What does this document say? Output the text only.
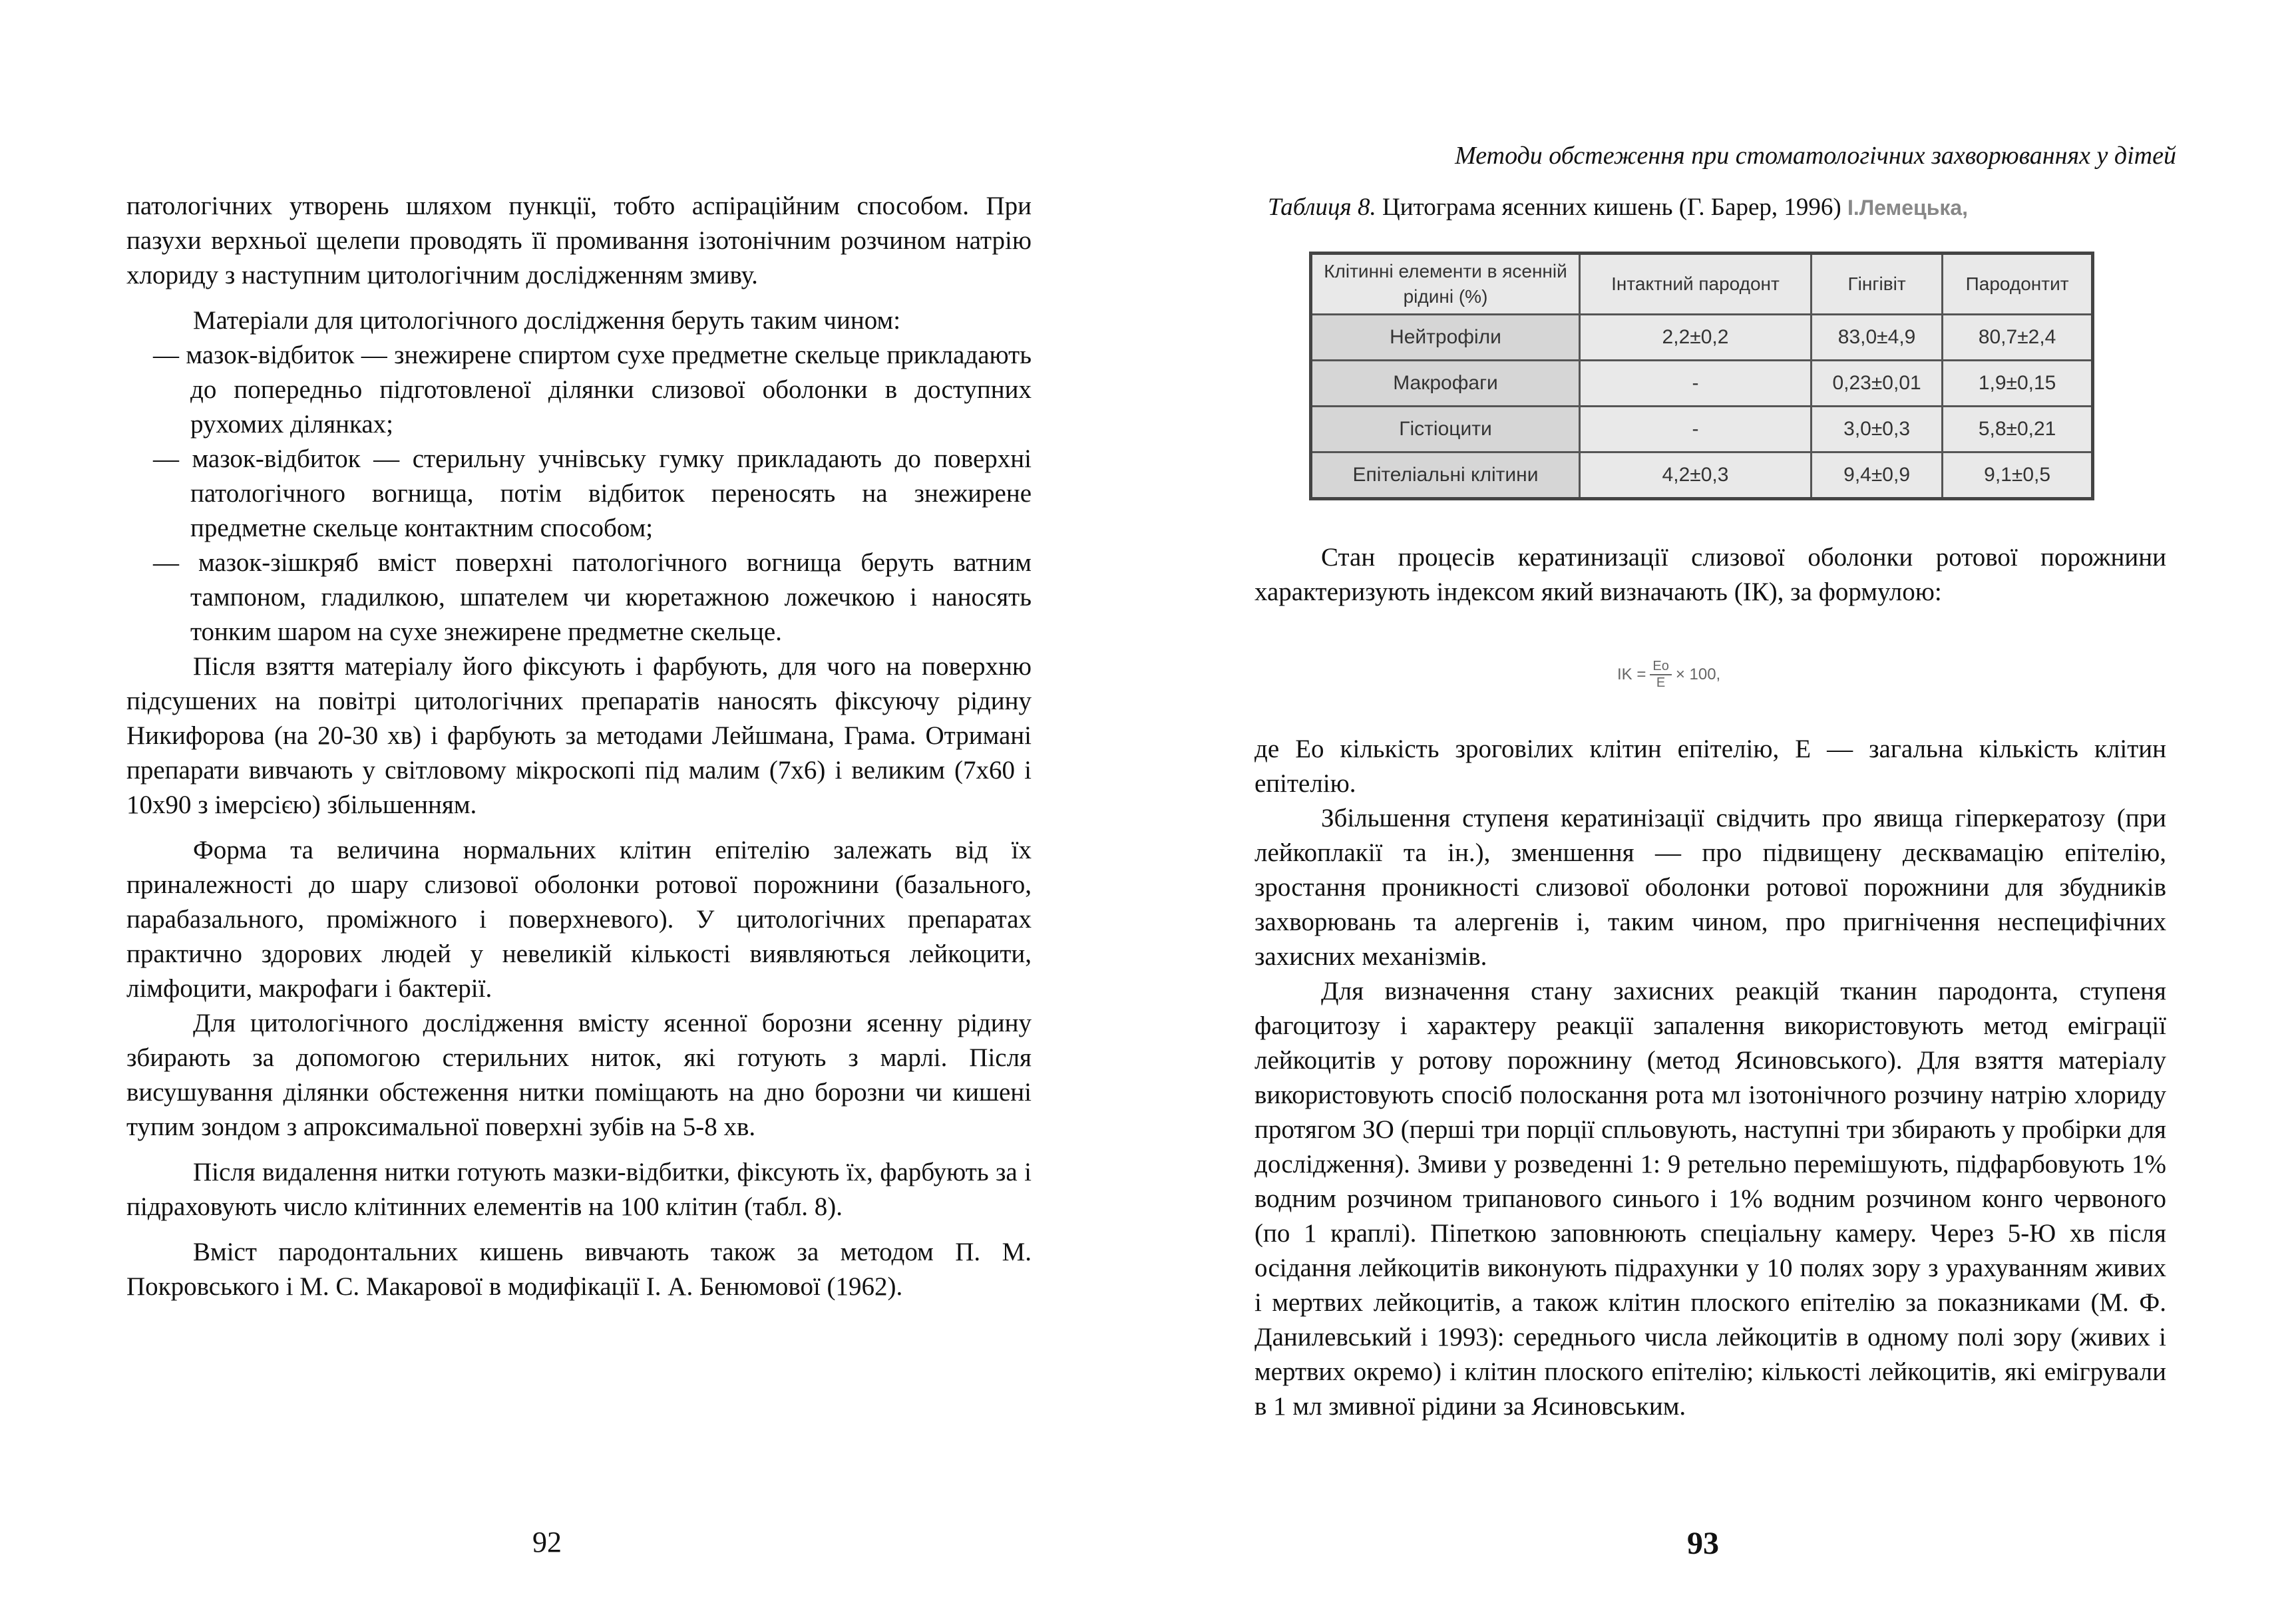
патологічних утворень шляхом пункції, тобто аспіраційним способом. При пазухи верхньої щелепи проводять її промивання ізотонічним розчином натрію хлориду з наступним цитологічним дослідженням змиву.

Матеріали для цитологічного дослідження беруть таким чином:

— мазок-відбиток — знежирене спиртом сухе предметне скельце прикладають до попередньо підготовленої ділянки слизової оболонки в доступних рухомих ділянках;

— мазок-відбиток — стерильну учнівську гумку прикладають до поверхні патологічного вогнища, потім відбиток переносять на знежирене предметне скельце контактним способом;

— мазок-зішкряб вміст поверхні патологічного вогнища беруть ватним тампоном, гладилкою, шпателем чи кюретажною ложечкою і наносять тонким шаром на сухе знежирене предметне скельце.

Після взяття матеріалу його фіксують і фарбують, для чого на поверхню підсушених на повітрі цитологічних препаратів наносять фіксуючу рідину Никифорова (на 20-30 хв) і фарбують за методами Лейшмана, Грама. Отримані препарати вивчають у світловому мікроскопі під малим (7х6) і великим (7х60 і 10х90 з імерсією) збільшенням.

Форма та величина нормальних клітин епітелію залежать від їх приналежності до шару слизової оболонки ротової порожнини (базального, парабазального, проміжного і поверхневого). У цитологічних препаратах практично здорових людей у невеликій кількості виявляються лейкоцити, лімфоцити, макрофаги і бактерії.

Для цитологічного дослідження вмісту ясенної борозни ясенну рідину збирають за допомогою стерильних ниток, які готують з марлі. Після висушування ділянки обстеження нитки поміщають на дно борозни чи кишені тупим зондом з апроксимальної поверхні зубів на 5-8 хв.

Після видалення нитки готують мазки-відбитки, фіксують їх, фарбують за і підраховують число клітинних елементів на 100 клітин (табл. 8).

Вміст пародонтальних кишень вивчають також за методом П. М. Покровського і М. С. Макарової в модифікації І. А. Бенюмової (1962).

92
Методи обстеження при стоматологічних захворюваннях у дітей
Таблиця 8. Цитограма ясенних кишень (Г. Барер, 1996) І.Лемецька,
Клітинні елементи в ясенній рідині (%)	Інтактний пародонт	Гінгівіт	Пародонтит
Нейтрофіли	2,2±0,2	83,0±4,9	80,7±2,4
Макрофаги	-	0,23±0,01	1,9±0,15
Гістіоцити	-	3,0±0,3	5,8±0,21
Епітеліальні клітини	4,2±0,3	9,4±0,9	9,1±0,5

Стан процесів кератинизації слизової оболонки ротової порожнини характеризують індексом який визначають (ІК), за формулою:

IK = $\frac{Eo}{E} \times 100$,

де Ео кількість зроговілих клітин епітелію, Е — загальна кількість клітин епітелію.

Збільшення ступеня кератинізації свідчить про явища гіперкератозу (при лейкоплакії та ін.), зменшення — про підвищену десквамацію епітелію, зростання проникності слизової оболонки ротової порожнини для збудників захворювань та алергенів і, таким чином, про пригнічення неспецифічних захисних механізмів.

Для визначення стану захисних реакцій тканин пародонта, ступеня фагоцитозу і характеру реакції запалення використовують метод еміграції лейкоцитів у ротову порожнину (метод Ясиновського). Для взяття матеріалу використовують спосіб полоскання рота мл ізотонічного розчину натрію хлориду протягом ЗО (перші три порції спльовують, наступні три збирають у пробірки для дослідження). Змиви у розведенні 1: 9 ретельно перемішують, підфарбовують 1% водним розчином трипанового синього і 1% водним розчином конго червоного (по 1 краплі). Піпеткою заповнюють спеціальну камеру. Через 5-Ю хв після осідання лейкоцитів виконують підрахунки у 10 полях зору з урахуванням живих і мертвих лейкоцитів, а також клітин плоского епітелію за показниками (М. Ф. Данилевський і 1993): середнього числа лейкоцитів в одному полі зору (живих і мертвих окремо) і клітин плоского епітелію; кількості лейкоцитів, які емігрували в 1 мл змивної рідини за Ясиновським.

93
